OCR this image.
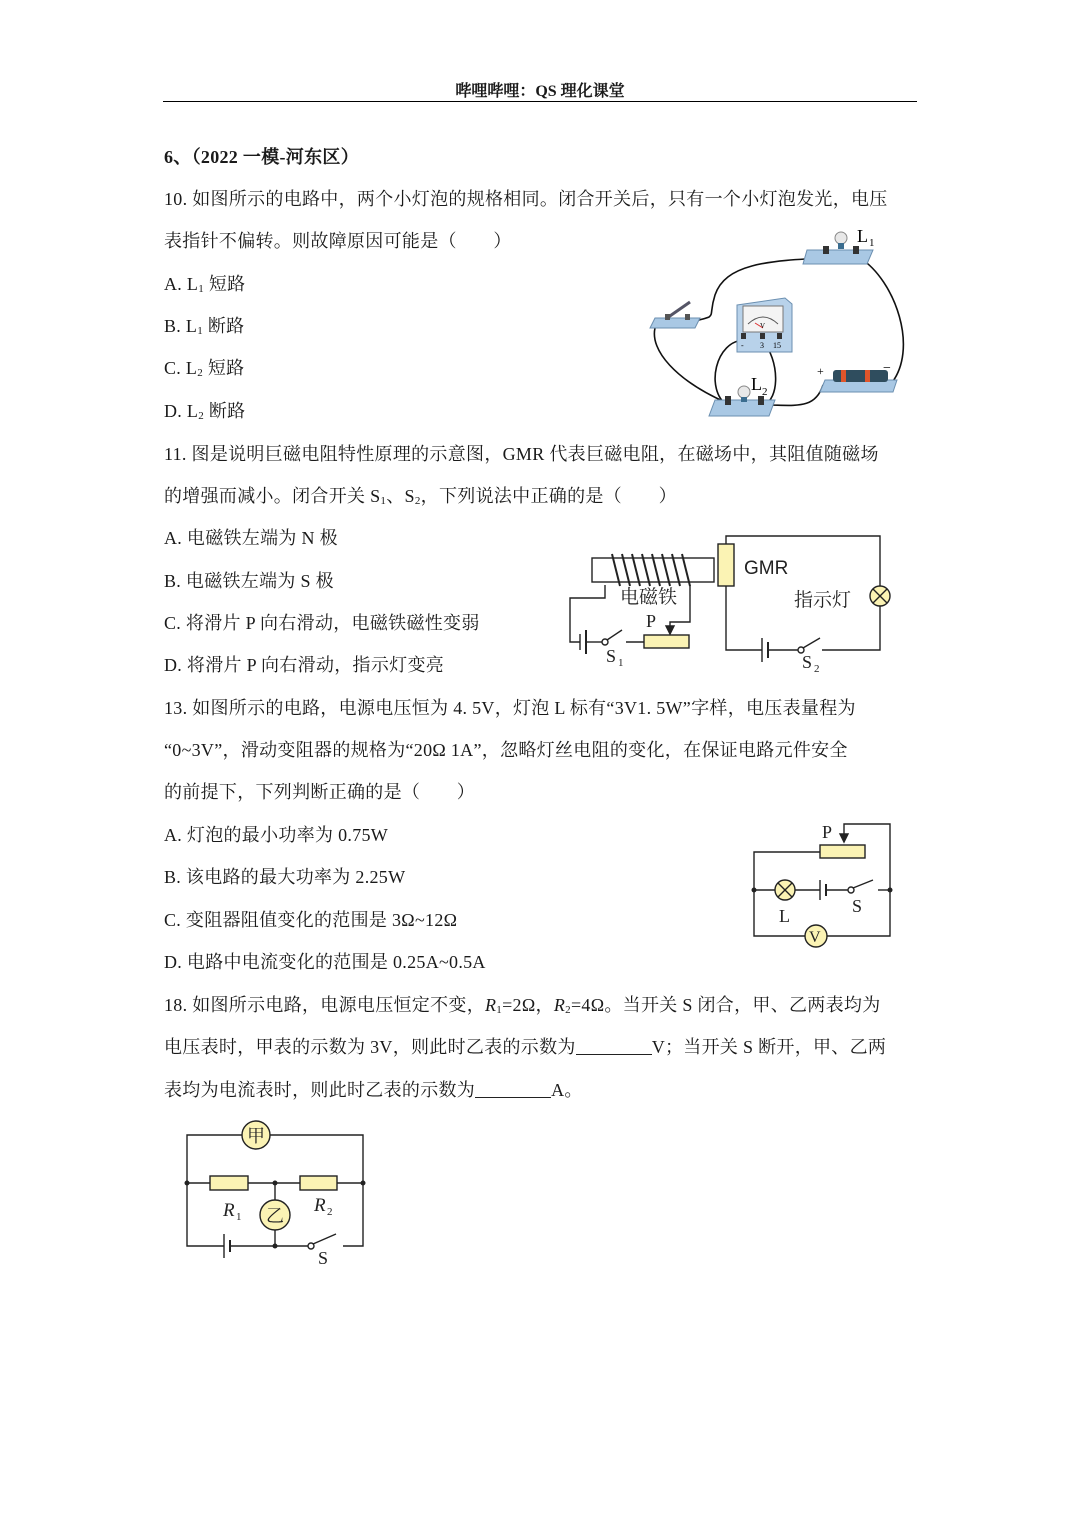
哔哩哔哩：QS 理化课堂
6、（2022 一模-河东区）
10. 如图所示的电路中，两个小灯泡的规格相同。闭合开关后，只有一个小灯泡发光，电压
表指针不偏转。则故障原因可能是（　　）
A. $L_1$ 短路
B. $L_1$ 断路
C. $L_2$ 短路
D. $L_2$ 断路
L 1
V
- 3 15
L 2
+	−
11. 图是说明巨磁电阻特性原理的示意图，GMR 代表巨磁电阻，在磁场中，其阻值随磁场
的增强而减小。闭合开关 $S_1$、$S_2$，下列说法中正确的是（　　）
A. 电磁铁左端为 N 极
B. 电磁铁左端为 S 极
C. 将滑片 P 向右滑动，电磁铁磁性变弱
D. 将滑片 P 向右滑动，指示灯变亮
电磁铁
GMR
指示灯
P
S 1	S 2
13. 如图所示的电路，电源电压恒为 4. 5V，灯泡 L 标有“3V1. 5W”字样，电压表量程为
“0~3V”，滑动变阻器的规格为“20Ω 1A”，忽略灯丝电阻的变化，在保证电路元件安全
的前提下，下列判断正确的是（　　）
A. 灯泡的最小功率为 0.75W
B. 该电路的最大功率为 2.25W
C. 变阻器阻值变化的范围是 3Ω~12Ω
D. 电路中电流变化的范围是 0.25A~0.5A
P
L	S
V
18. 如图所示电路，电源电压恒定不变，$R_1=2\Omega$，$R_2=4\Omega$。当开关 S 闭合，甲、乙两表均为
电压表时，甲表的示数为 3V，则此时乙表的示数为	V；当开关 S 断开，甲、乙两
表均为电流表时，则此时乙表的示数为	A。
甲
乙
R 1
R 2
S
